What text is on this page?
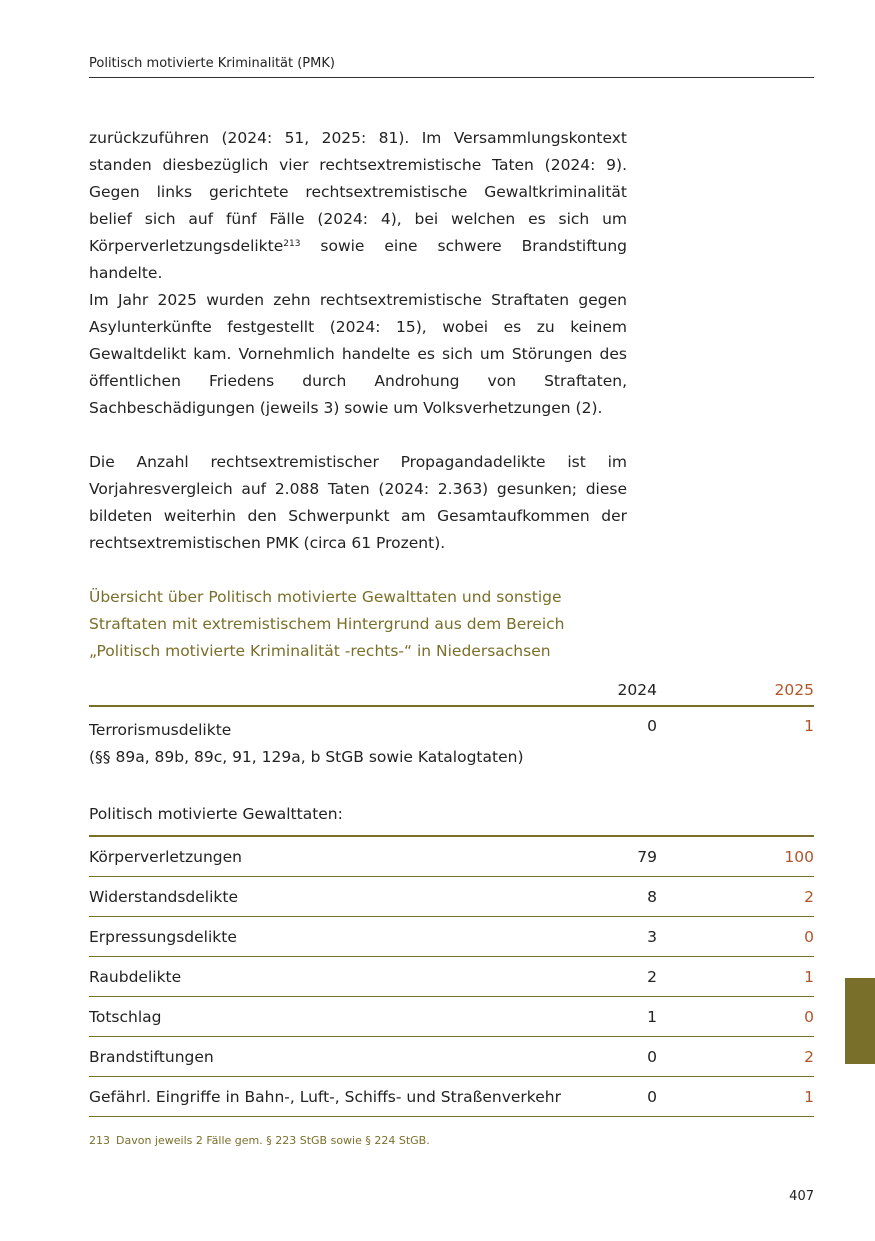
Politisch motivierte Kriminalität (PMK)
zurückzuführen (2024: 51, 2025: 81). Im Versammlungskontext standen diesbezüglich vier rechtsextremistische Taten (2024: 9). Gegen links gerichtete rechtsextremistische Gewaltkriminalität belief sich auf fünf Fälle (2024: 4), bei welchen es sich um Körperverletzungsdelikte$^{213}$ sowie eine schwere Brandstiftung handelte.
Im Jahr 2025 wurden zehn rechtsextremistische Straftaten gegen Asylunterkünfte festgestellt (2024: 15), wobei es zu keinem Gewaltdelikt kam. Vornehmlich handelte es sich um Störungen des öffentlichen Friedens durch Androhung von Straftaten, Sachbeschädigungen (jeweils 3) sowie um Volksverhetzungen (2).
Die Anzahl rechtsextremistischer Propagandadelikte ist im Vorjahresvergleich auf 2.088 Taten (2024: 2.363) gesunken; diese bildeten weiterhin den Schwerpunkt am Gesamtaufkommen der rechtsextremistischen PMK (circa 61 Prozent).
Übersicht über Politisch motivierte Gewalttaten und sonstige Straftaten mit extremistischem Hintergrund aus dem Bereich „Politisch motivierte Kriminalität -rechts-“ in Niedersachsen
2024	2025
Terrorismusdelikte
(§§ 89a, 89b, 89c, 91, 129a, b StGB sowie Katalogtaten)
0	1
Politisch motivierte Gewalttaten:
Körperverletzungen	79	100
Widerstandsdelikte	8	2
Erpressungsdelikte	3	0
Raubdelikte	2	1
Totschlag	1	0
Brandstiftungen	0	2
Gefährl. Eingriffe in Bahn-, Luft-, Schiffs- und Straßenverkehr	0	1
213 Davon jeweils 2 Fälle gem. § 223 StGB sowie § 224 StGB.
407
